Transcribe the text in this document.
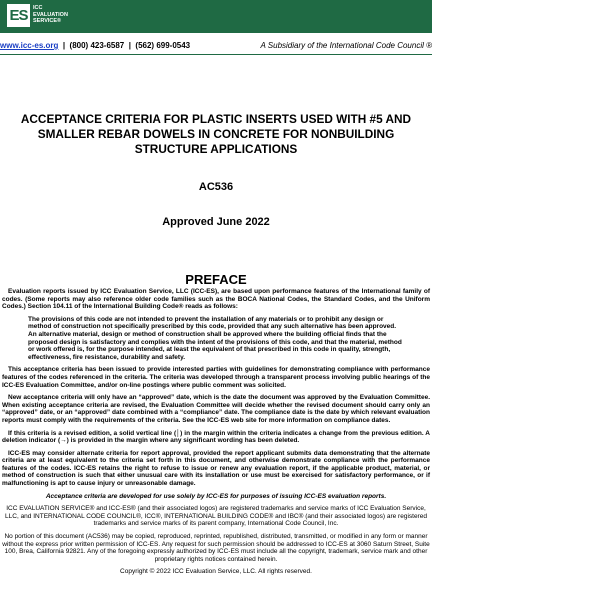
ES	ICC
EVALUATION
SERVICE®
www.icc-es.org | (800) 423-6587 | (562) 699-0543	A Subsidiary of the International Code Council ®
ACCEPTANCE CRITERIA FOR PLASTIC INSERTS USED WITH #5 AND
SMALLER REBAR DOWELS IN CONCRETE FOR NONBUILDING
STRUCTURE APPLICATIONS
AC536
Approved June 2022
PREFACE

Evaluation reports issued by ICC Evaluation Service, LLC (ICC-ES), are based upon performance features of the International family of codes. (Some reports may also reference older code families such as the BOCA National Codes, the Standard Codes, and the Uniform Codes.) Section 104.11 of the International Building Code® reads as follows:

The provisions of this code are not intended to prevent the installation of any materials or to prohibit any design or method of construction not specifically prescribed by this code, provided that any such alternative has been approved. An alternative material, design or method of construction shall be approved where the building official finds that the proposed design is satisfactory and complies with the intent of the provisions of this code, and that the material, method or work offered is, for the purpose intended, at least the equivalent of that prescribed in this code in quality, strength, effectiveness, fire resistance, durability and safety.

This acceptance criteria has been issued to provide interested parties with guidelines for demonstrating compliance with performance features of the codes referenced in the criteria. The criteria was developed through a transparent process involving public hearings of the ICC-ES Evaluation Committee, and/or on-line postings where public comment was solicited.

New acceptance criteria will only have an “approved” date, which is the date the document was approved by the Evaluation Committee. When existing acceptance criteria are revised, the Evaluation Committee will decide whether the revised document should carry only an “approved” date, or an “approved” date combined with a “compliance” date. The compliance date is the date by which relevant evaluation reports must comply with the requirements of the criteria. See the ICC-ES web site for more information on compliance dates.

If this criteria is a revised edition, a solid vertical line (│) in the margin within the criteria indicates a change from the previous edition. A deletion indicator (→) is provided in the margin where any significant wording has been deleted.

ICC-ES may consider alternate criteria for report approval, provided the report applicant submits data demonstrating that the alternate criteria are at least equivalent to the criteria set forth in this document, and otherwise demonstrate compliance with the performance features of the codes. ICC-ES retains the right to refuse to issue or renew any evaluation report, if the applicable product, material, or method of construction is such that either unusual care with its installation or use must be exercised for satisfactory performance, or if malfunctioning is apt to cause injury or unreasonable damage.

Acceptance criteria are developed for use solely by ICC-ES for purposes of issuing ICC-ES evaluation reports.

ICC EVALUATION SERVICE® and ICC-ES® (and their associated logos) are registered trademarks and service marks of ICC Evaluation Service, LLC, and INTERNATIONAL CODE COUNCIL®, ICC®, INTERNATIONAL BUILDING CODE® and IBC® (and their associated logos) are registered trademarks and service marks of its parent company, International Code Council, Inc.

No portion of this document (AC536) may be copied, reproduced, reprinted, republished, distributed, transmitted, or modified in any form or manner without the express prior written permission of ICC-ES. Any request for such permission should be addressed to ICC-ES at 3060 Saturn Street, Suite 100, Brea, California 92821. Any of the foregoing expressly authorized by ICC-ES must include all the copyright, trademark, service mark and other proprietary rights notices contained herein.

Copyright © 2022 ICC Evaluation Service, LLC. All rights reserved.
